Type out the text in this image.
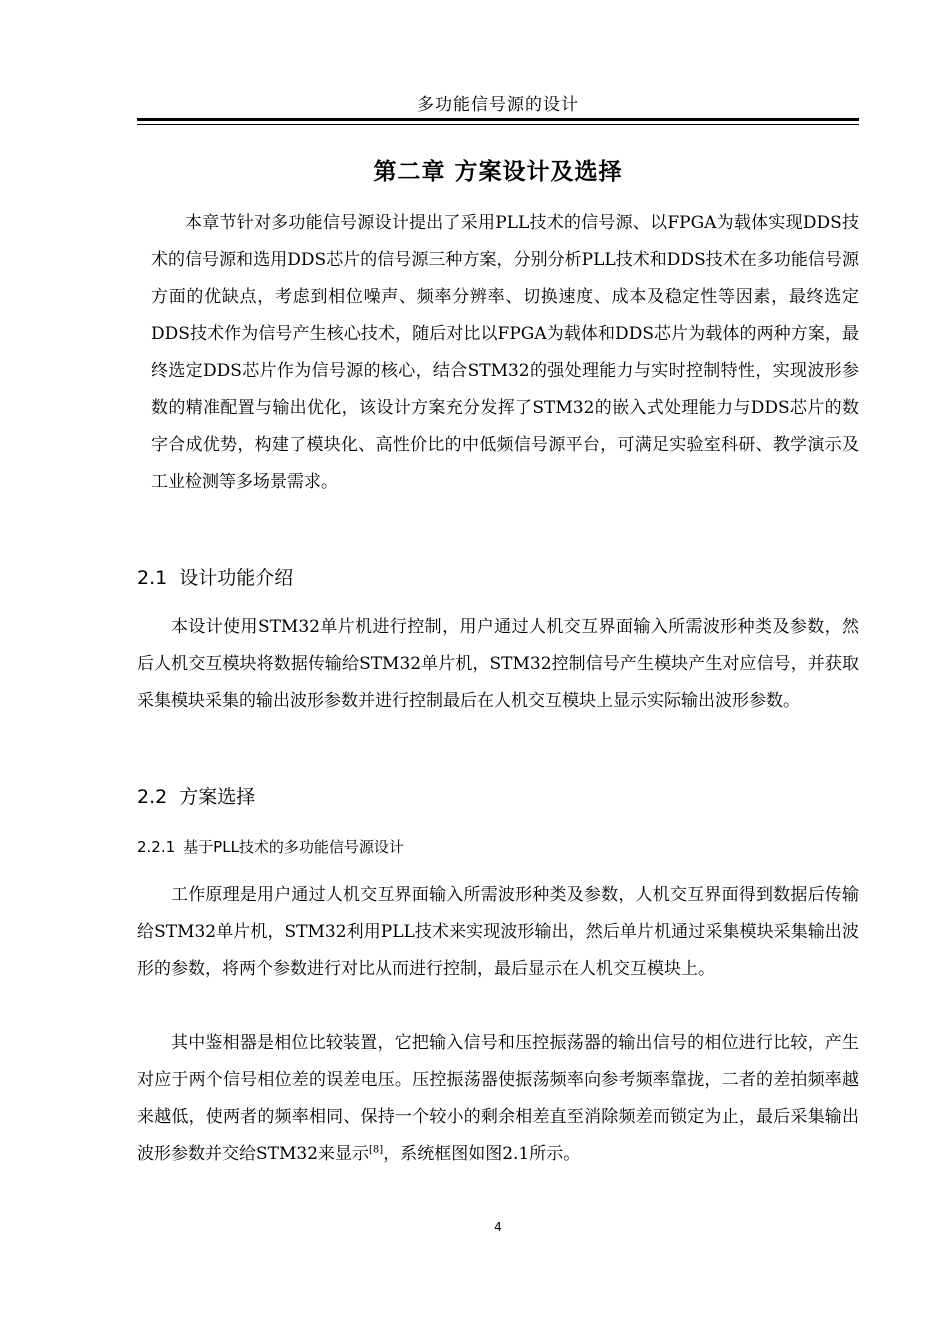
多功能信号源的设计
第二章 方案设计及选择

本章节针对多功能信号源设计提出了采用PLL技术的信号源、以FPGA为载体实现DDS技术的信号源和选用DDS芯片的信号源三种方案，分别分析PLL技术和DDS技术在多功能信号源方面的优缺点，考虑到相位噪声、频率分辨率、切换速度、成本及稳定性等因素，最终选定DDS技术作为信号产生核心技术，随后对比以FPGA为载体和DDS芯片为载体的两种方案，最终选定DDS芯片作为信号源的核心，结合STM32的强处理能力与实时控制特性，实现波形参数的精准配置与输出优化，该设计方案充分发挥了STM32的嵌入式处理能力与DDS芯片的数字合成优势，构建了模块化、高性价比的中低频信号源平台，可满足实验室科研、教学演示及工业检测等多场景需求。

2.1 设计功能介绍

本设计使用STM32单片机进行控制，用户通过人机交互界面输入所需波形种类及参数，然后人机交互模块将数据传输给STM32单片机，STM32控制信号产生模块产生对应信号，并获取采集模块采集的输出波形参数并进行控制最后在人机交互模块上显示实际输出波形参数。

2.2 方案选择
2.2.1 基于PLL技术的多功能信号源设计

工作原理是用户通过人机交互界面输入所需波形种类及参数，人机交互界面得到数据后传输给STM32单片机，STM32利用PLL技术来实现波形输出，然后单片机通过采集模块采集输出波形的参数，将两个参数进行对比从而进行控制，最后显示在人机交互模块上。

其中鉴相器是相位比较装置，它把输入信号和压控振荡器的输出信号的相位进行比较，产生对应于两个信号相位差的误差电压。压控振荡器使振荡频率向参考频率靠拢，二者的差拍频率越来越低，使两者的频率相同、保持一个较小的剩余相差直至消除频差而锁定为止，最后采集输出波形参数并交给STM32来显示[8]，系统框图如图2.1所示。

4
